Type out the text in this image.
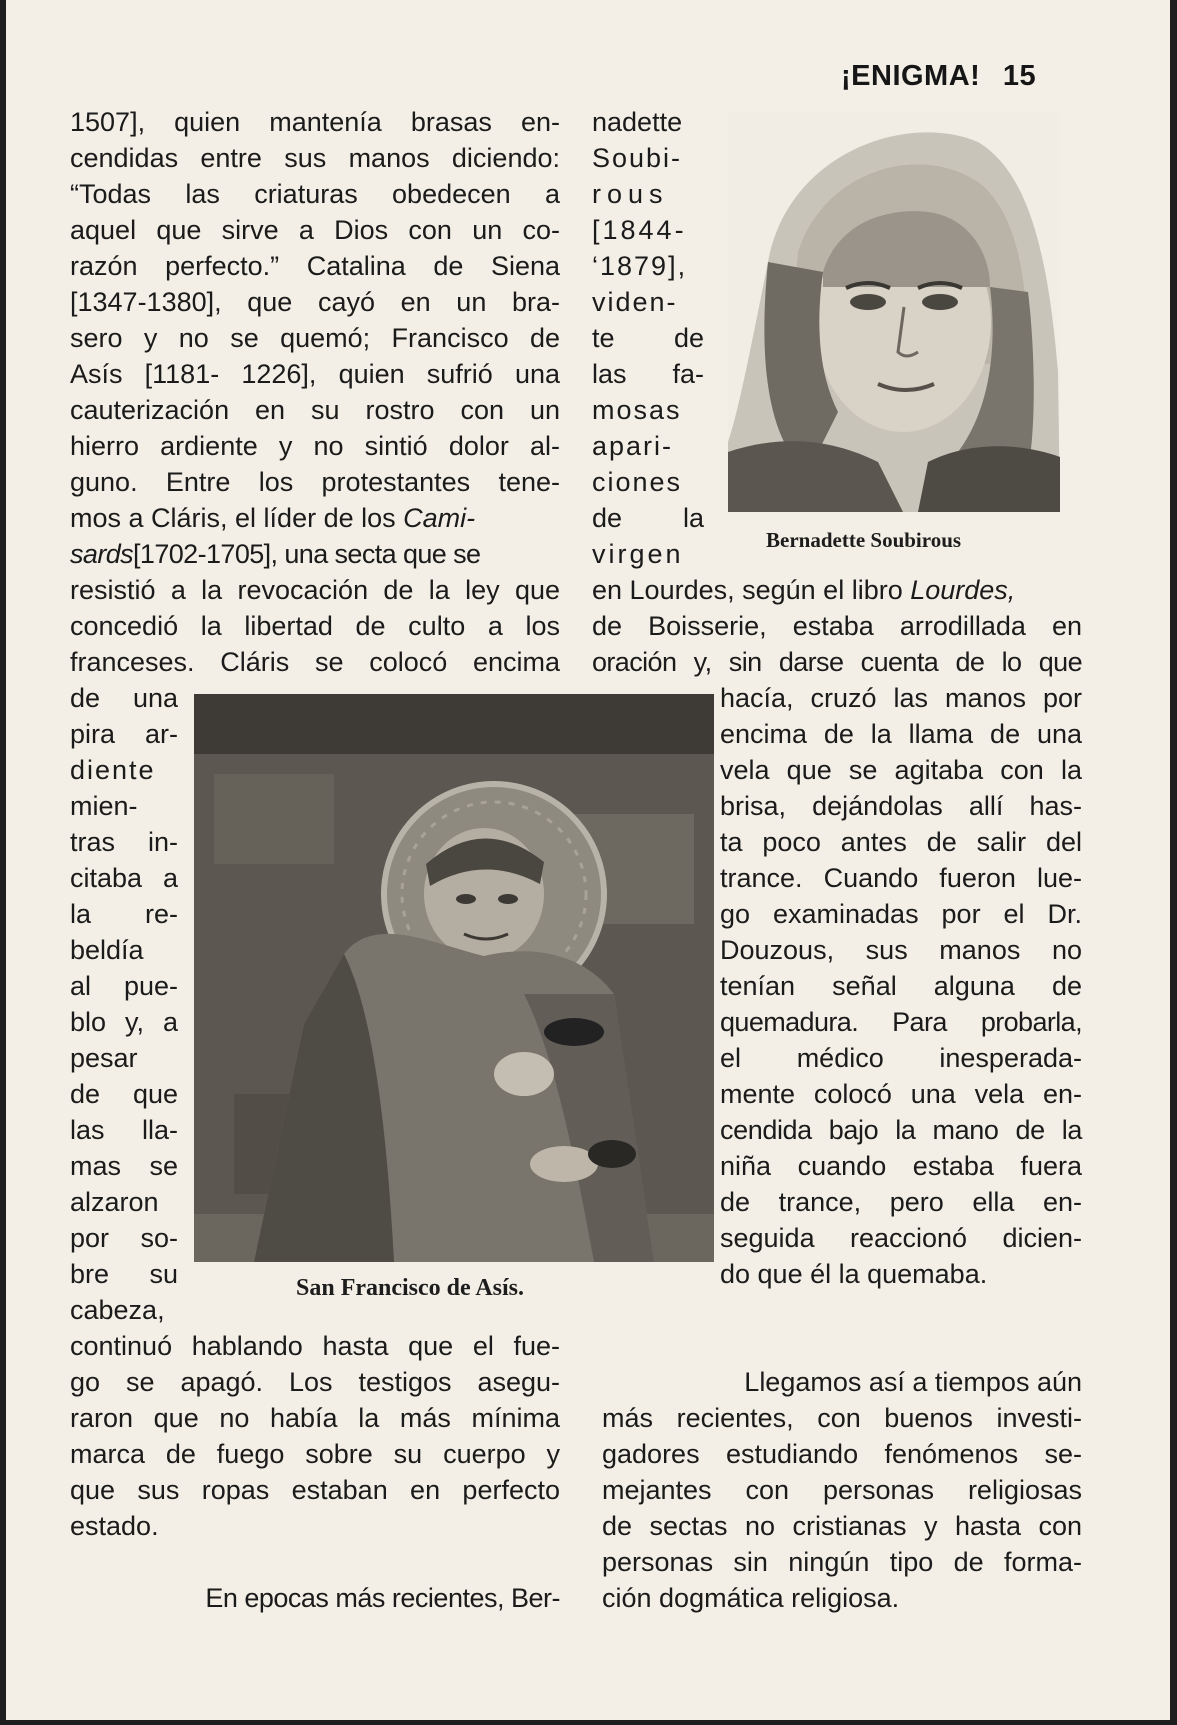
¡ENIGMA! 15
1507], quien mantenía brasas en-
cendidas entre sus manos diciendo:
“Todas las criaturas obedecen a
aquel que sirve a Dios con un co-
razón perfecto.” Catalina de Siena
[1347-1380], que cayó en un bra-
sero y no se quemó; Francisco de
Asís [1181- 1226], quien sufrió una
cauterización en su rostro con un
hierro ardiente y no sintió dolor al-
guno. Entre los protestantes tene-
mos a Cláris, el líder de los Cami-
sards[1702-1705], una secta que se
resistió a la revocación de la ley que
concedió la libertad de culto a los
franceses. Cláris se colocó encima
de una
pira ar-
diente
mien-
tras in-
citaba a
la re-
beldía
al pue-
blo y, a
pesar
de que
las lla-
mas se
alzaron
por so-
bre su
cabeza,
continuó hablando hasta que el fue-
go se apagó. Los testigos asegu-
raron que no había la más mínima
marca de fuego sobre su cuerpo y
que sus ropas estaban en perfecto
estado.
En epocas más recientes, Ber-
nadette
Soubi-
rous
[1844-
‘1879],
viden-
te de
las fa-
mosas
apari-
ciones
de la
virgen
en Lourdes, según el libro Lourdes,
de Boisserie, estaba arrodillada en
oración y, sin darse cuenta de lo que
hacía, cruzó las manos por
encima de la llama de una
vela que se agitaba con la
brisa, dejándolas allí has-
ta poco antes de salir del
trance. Cuando fueron lue-
go examinadas por el Dr.
Douzous, sus manos no
tenían señal alguna de
quemadura. Para probarla,
el médico inesperada-
mente colocó una vela en-
cendida bajo la mano de la
niña cuando estaba fuera
de trance, pero ella en-
seguida reaccionó dicien-
do que él la quemaba.
Llegamos así a tiempos aún
más recientes, con buenos investi-
gadores estudiando fenómenos se-
mejantes con personas religiosas
de sectas no cristianas y hasta con
personas sin ningún tipo de forma-
ción dogmática religiosa.
Bernadette Soubirous
San Francisco de Asís.
